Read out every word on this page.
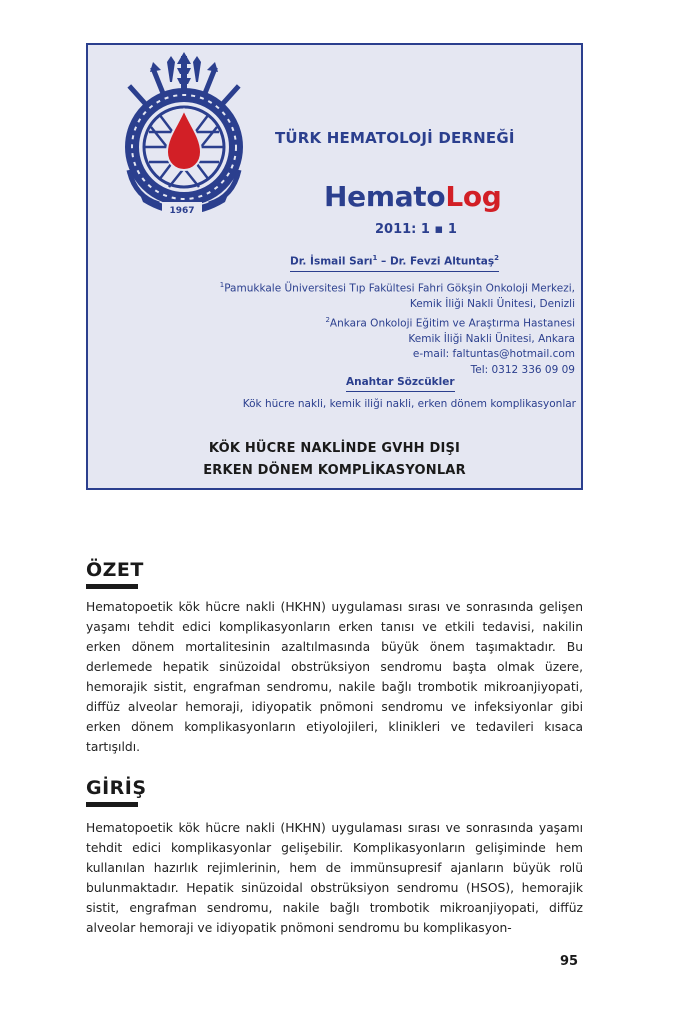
1967
TÜRK HEMATOLOJİ DERNEĞİ
HematoLog
2011: 1 ▪ 1
Dr. İsmail Sarı$^1$ – Dr. Fevzi Altuntaş$^2$
$^1$Pamukkale Üniversitesi Tıp Fakültesi Fahri Gökşin Onkoloji Merkezi,
Kemik İliği Nakli Ünitesi, Denizli
$^2$Ankara Onkoloji Eğitim ve Araştırma Hastanesi
Kemik İliği Nakli Ünitesi, Ankara
e-mail: faltuntas@hotmail.com
Tel: 0312 336 09 09
Anahtar Sözcükler
Kök hücre nakli, kemik iliği nakli, erken dönem komplikasyonlar
KÖK HÜCRE NAKLİNDE GVHH DIŞI
ERKEN DÖNEM KOMPLİKASYONLAR
ÖZET

Hematopoetik kök hücre nakli (HKHN) uygulaması sırası ve sonrasında gelişen yaşamı tehdit edici komplikasyonların erken tanısı ve etkili tedavisi, nakilin erken dönem mortalitesinin azaltılmasında büyük önem taşımaktadır. Bu derlemede hepatik sinüzoidal obstrüksiyon sendromu başta olmak üzere, hemorajik sistit, engrafman sendromu, nakile bağlı trombotik mikroanjiyopati, diffüz alveolar hemoraji, idiyopatik pnömoni sendromu ve infeksiyonlar gibi erken dönem komplikasyonların etiyolojileri, klinikleri ve tedavileri kısaca tartışıldı.

GİRİŞ

Hematopoetik kök hücre nakli (HKHN) uygulaması sırası ve sonrasında yaşamı tehdit edici komplikasyonlar gelişebilir. Komplikasyonların gelişiminde hem kullanılan hazırlık rejimlerinin, hem de immünsupresif ajanların büyük rolü bulunmaktadır. Hepatik sinüzoidal obstrüksiyon sendromu (HSOS), hemorajik sistit, engrafman sendromu, nakile bağlı trombotik mikroanjiyopati, diffüz alveolar hemoraji ve idiyopatik pnömoni sendromu bu komplikasyon-

95
